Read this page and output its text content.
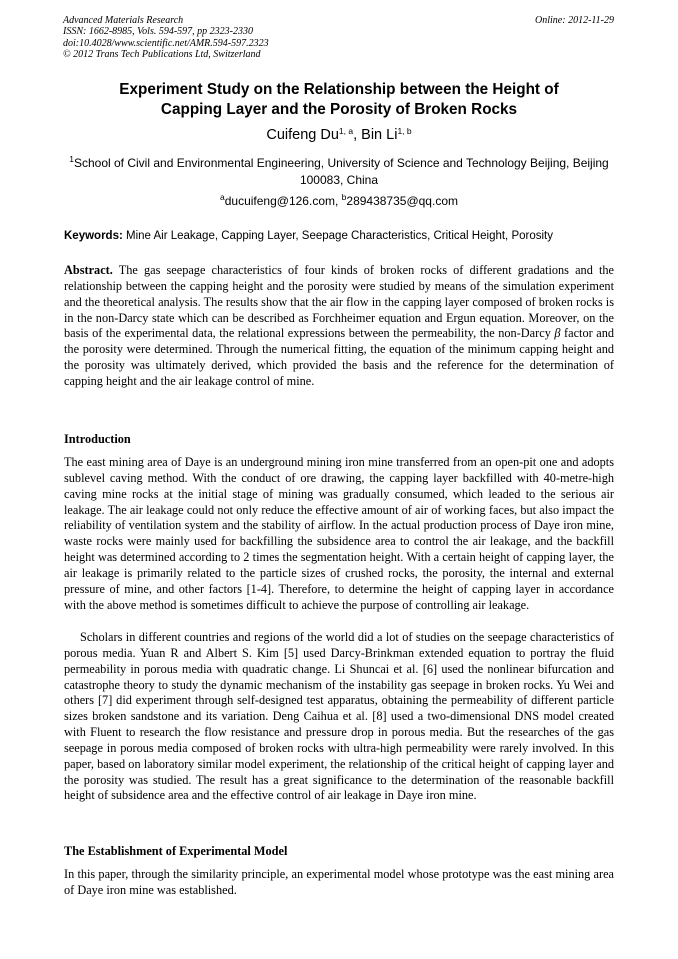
Advanced Materials Research
ISSN: 1662-8985, Vols. 594-597, pp 2323-2330
doi:10.4028/www.scientific.net/AMR.594-597.2323
© 2012 Trans Tech Publications Ltd, Switzerland
Online: 2012-11-29
Experiment Study on the Relationship between the Height of
Capping Layer and the Porosity of Broken Rocks
Cuifeng Du$^{1, a}$, Bin Li$^{1, b}$
$^1$School of Civil and Environmental Engineering, University of Science and Technology Beijing, Beijing 100083, China
$^a$ducuifeng@126.com, $^b$289438735@qq.com
Keywords: Mine Air Leakage, Capping Layer, Seepage Characteristics, Critical Height, Porosity
Abstract. The gas seepage characteristics of four kinds of broken rocks of different gradations and the relationship between the capping height and the porosity were studied by means of the simulation experiment and the theoretical analysis. The results show that the air flow in the capping layer composed of broken rocks is in the non-Darcy state which can be described as Forchheimer equation and Ergun equation. Moreover, on the basis of the experimental data, the relational expressions between the permeability, the non-Darcy β factor and the porosity were determined. Through the numerical fitting, the equation of the minimum capping height and the porosity was ultimately derived, which provided the basis and the reference for the determination of capping height and the air leakage control of mine.
Introduction
The east mining area of Daye is an underground mining iron mine transferred from an open-pit one and adopts sublevel caving method. With the conduct of ore drawing, the capping layer backfilled with 40-metre-high caving mine rocks at the initial stage of mining was gradually consumed, which leaded to the serious air leakage. The air leakage could not only reduce the effective amount of air of working faces, but also impact the reliability of ventilation system and the stability of airflow. In the actual production process of Daye iron mine, waste rocks were mainly used for backfilling the subsidence area to control the air leakage, and the backfill height was determined according to 2 times the segmentation height. With a certain height of capping layer, the air leakage is primarily related to the particle sizes of crushed rocks, the porosity, the internal and external pressure of mine, and other factors [1-4]. Therefore, to determine the height of capping layer in accordance with the above method is sometimes difficult to achieve the purpose of controlling air leakage.
Scholars in different countries and regions of the world did a lot of studies on the seepage characteristics of porous media. Yuan R and Albert S. Kim [5] used Darcy-Brinkman extended equation to portray the fluid permeability in porous media with quadratic change. Li Shuncai et al. [6] used the nonlinear bifurcation and catastrophe theory to study the dynamic mechanism of the instability gas seepage in broken rocks. Yu Wei and others [7] did experiment through self-designed test apparatus, obtaining the permeability of different particle sizes broken sandstone and its variation. Deng Caihua et al. [8] used a two-dimensional DNS model created with Fluent to research the flow resistance and pressure drop in porous media. But the researches of the gas seepage in porous media composed of broken rocks with ultra-high permeability were rarely involved. In this paper, based on laboratory similar model experiment, the relationship of the critical height of capping layer and the porosity was studied. The result has a great significance to the determination of the reasonable backfill height of subsidence area and the effective control of air leakage in Daye iron mine.
The Establishment of Experimental Model
In this paper, through the similarity principle, an experimental model whose prototype was the east mining area of Daye iron mine was established.
